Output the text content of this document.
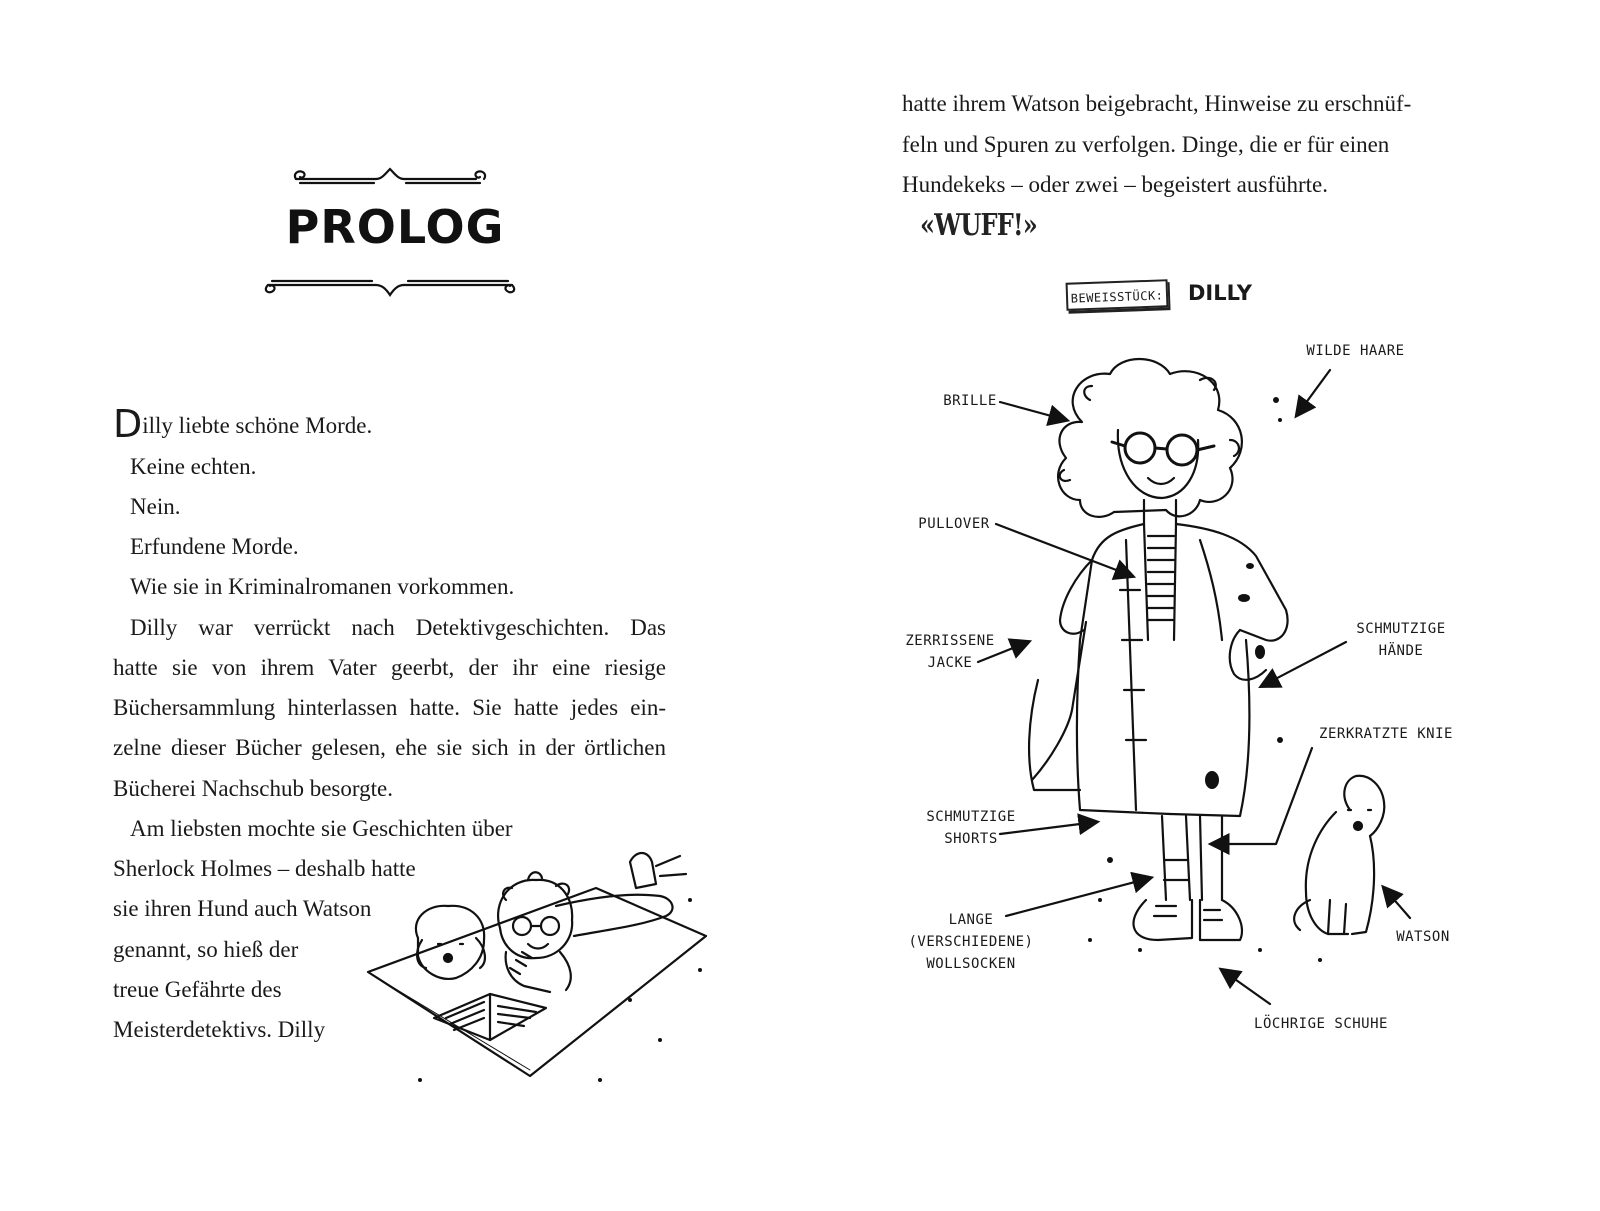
PROLOG
Dilly liebte schöne Morde.
Keine echten.
Nein.
Erfundene Morde.
Wie sie in Kriminalromanen vorkommen.
Dilly war verrückt nach Detektivgeschichten. Das
hatte sie von ihrem Vater geerbt, der ihr eine riesige
Büchersammlung hinterlassen hatte. Sie hatte jedes ein-
zelne dieser Bücher gelesen, ehe sie sich in der örtlichen
Bücherei Nachschub besorgte.
Am liebsten mochte sie Geschichten über
Sherlock Holmes – deshalb hatte
sie ihren Hund auch Watson
genannt, so hieß der
treue Gefährte des
Meisterdetektivs. Dilly
hatte ihrem Watson beigebracht, Hinweise zu erschnüf-
feln und Spuren zu verfolgen. Dinge, die er für einen
Hundekeks – oder zwei – begeistert ausführte.
«WUFF!»
BEWEISSTÜCK: DILLY
WILDE HAARE
BRILLE
PULLOVER
ZERRISSENE
JACKE
SCHMUTZIGE
HÄNDE
ZERKRATZTE KNIE
SCHMUTZIGE
SHORTS
LANGE
(VERSCHIEDENE)
WOLLSOCKEN
WATSON
LÖCHRIGE SCHUHE
